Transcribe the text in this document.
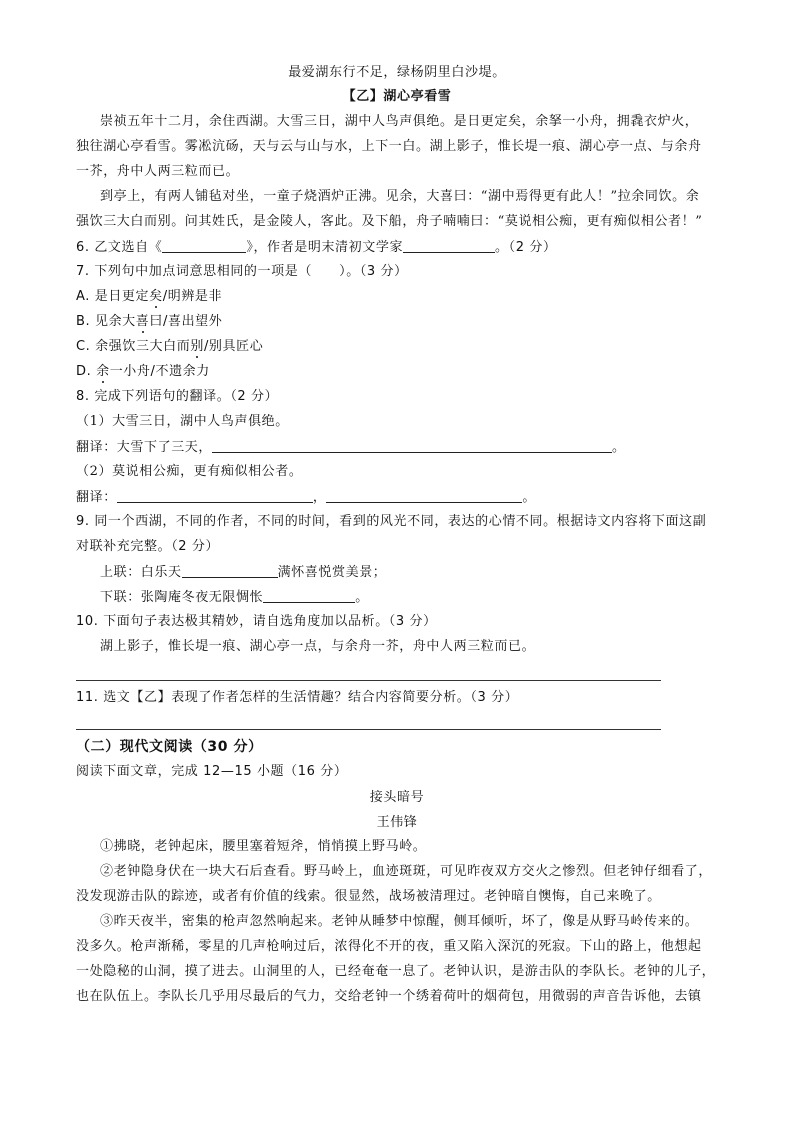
最爱湖东行不足，绿杨阴里白沙堤。
【乙】湖心亭看雪
崇祯五年十二月，余住西湖。大雪三日，湖中人鸟声俱绝。是日更定矣，余拏一小舟，拥毳衣炉火，
独往湖心亭看雪。雾凇沆砀，天与云与山与水，上下一白。湖上影子，惟长堤一痕、湖心亭一点、与余舟
一芥，舟中人两三粒而已。
到亭上，有两人铺毡对坐，一童子烧酒炉正沸。见余，大喜曰：“湖中焉得更有此人！”拉余同饮。余
强饮三大白而别。问其姓氏，是金陵人，客此。及下船，舟子喃喃曰：“莫说相公痴，更有痴似相公者！”
6. 乙文选自《	》，作者是明末清初文学家	。（2 分）
7. 下列句中加点词意思相同的一项是（　　）。（3 分）
A. 是日更定矣/明辨是非
B. 见余大喜曰/喜出望外
C. 余强饮三大白而别/别具匠心
D. 余一小舟/不遗余力
8. 完成下列语句的翻译。（2 分）
（1）大雪三日，湖中人鸟声俱绝。
翻译：大雪下了三天，	。
（2）莫说相公痴，更有痴似相公者。
翻译：	，	。
9. 同一个西湖，不同的作者，不同的时间，看到的风光不同，表达的心情不同。根据诗文内容将下面这副
对联补充完整。（2 分）
上联：白乐天	满怀喜悦赏美景；
下联：张陶庵冬夜无限惆怅	。
10. 下面句子表达极其精妙，请自选角度加以品析。（3 分）
湖上影子，惟长堤一痕、湖心亭一点，与余舟一芥，舟中人两三粒而已。
11. 选文【乙】表现了作者怎样的生活情趣？结合内容简要分析。（3 分）
（二）现代文阅读（30 分）
阅读下面文章，完成 12—15 小题（16 分）
接头暗号
王伟锋
①拂晓，老钟起床，腰里塞着短斧，悄悄摸上野马岭。
②老钟隐身伏在一块大石后查看。野马岭上，血迹斑斑，可见昨夜双方交火之惨烈。但老钟仔细看了，
没发现游击队的踪迹，或者有价值的线索。很显然，战场被清理过。老钟暗自懊悔，自己来晚了。
③昨天夜半，密集的枪声忽然响起来。老钟从睡梦中惊醒，侧耳倾听，坏了，像是从野马岭传来的。
没多久。枪声渐稀，零星的几声枪响过后，浓得化不开的夜，重又陷入深沉的死寂。下山的路上，他想起
一处隐秘的山洞，摸了进去。山洞里的人，已经奄奄一息了。老钟认识，是游击队的李队长。老钟的儿子，
也在队伍上。李队长几乎用尽最后的气力，交给老钟一个绣着荷叶的烟荷包，用微弱的声音告诉他，去镇
